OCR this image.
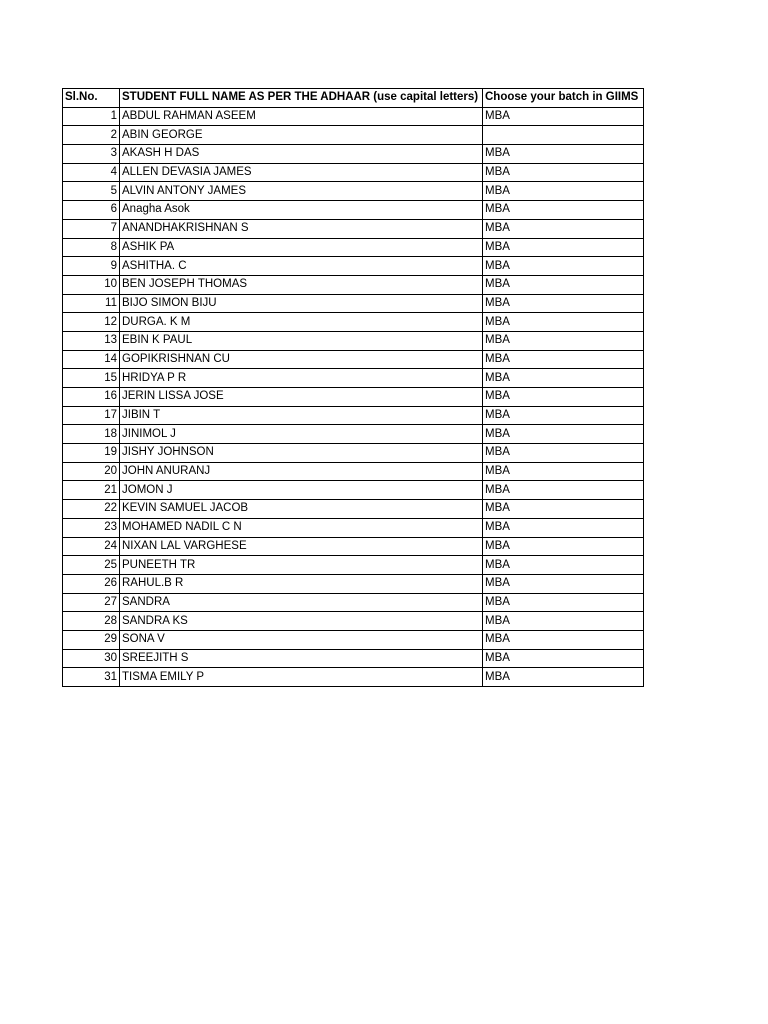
Sl.No.	STUDENT FULL NAME AS PER THE ADHAAR (use capital letters)	Choose your batch in GIIMS
1	ABDUL RAHMAN ASEEM	MBA
2	ABIN GEORGE	
3	AKASH H DAS	MBA
4	ALLEN DEVASIA JAMES	MBA
5	ALVIN ANTONY JAMES	MBA
6	Anagha Asok	MBA
7	ANANDHAKRISHNAN S	MBA
8	ASHIK PA	MBA
9	ASHITHA. C	MBA
10	BEN JOSEPH THOMAS	MBA
11	BIJO SIMON BIJU	MBA
12	DURGA. K M	MBA
13	EBIN K PAUL	MBA
14	GOPIKRISHNAN CU	MBA
15	HRIDYA P R	MBA
16	JERIN LISSA JOSE	MBA
17	JIBIN T	MBA
18	JINIMOL J	MBA
19	JISHY JOHNSON	MBA
20	JOHN ANURANJ	MBA
21	JOMON J	MBA
22	KEVIN SAMUEL JACOB	MBA
23	MOHAMED NADIL C N	MBA
24	NIXAN LAL VARGHESE	MBA
25	PUNEETH TR	MBA
26	RAHUL.B R	MBA
27	SANDRA	MBA
28	SANDRA KS	MBA
29	SONA V	MBA
30	SREEJITH S	MBA
31	TISMA EMILY P	MBA
